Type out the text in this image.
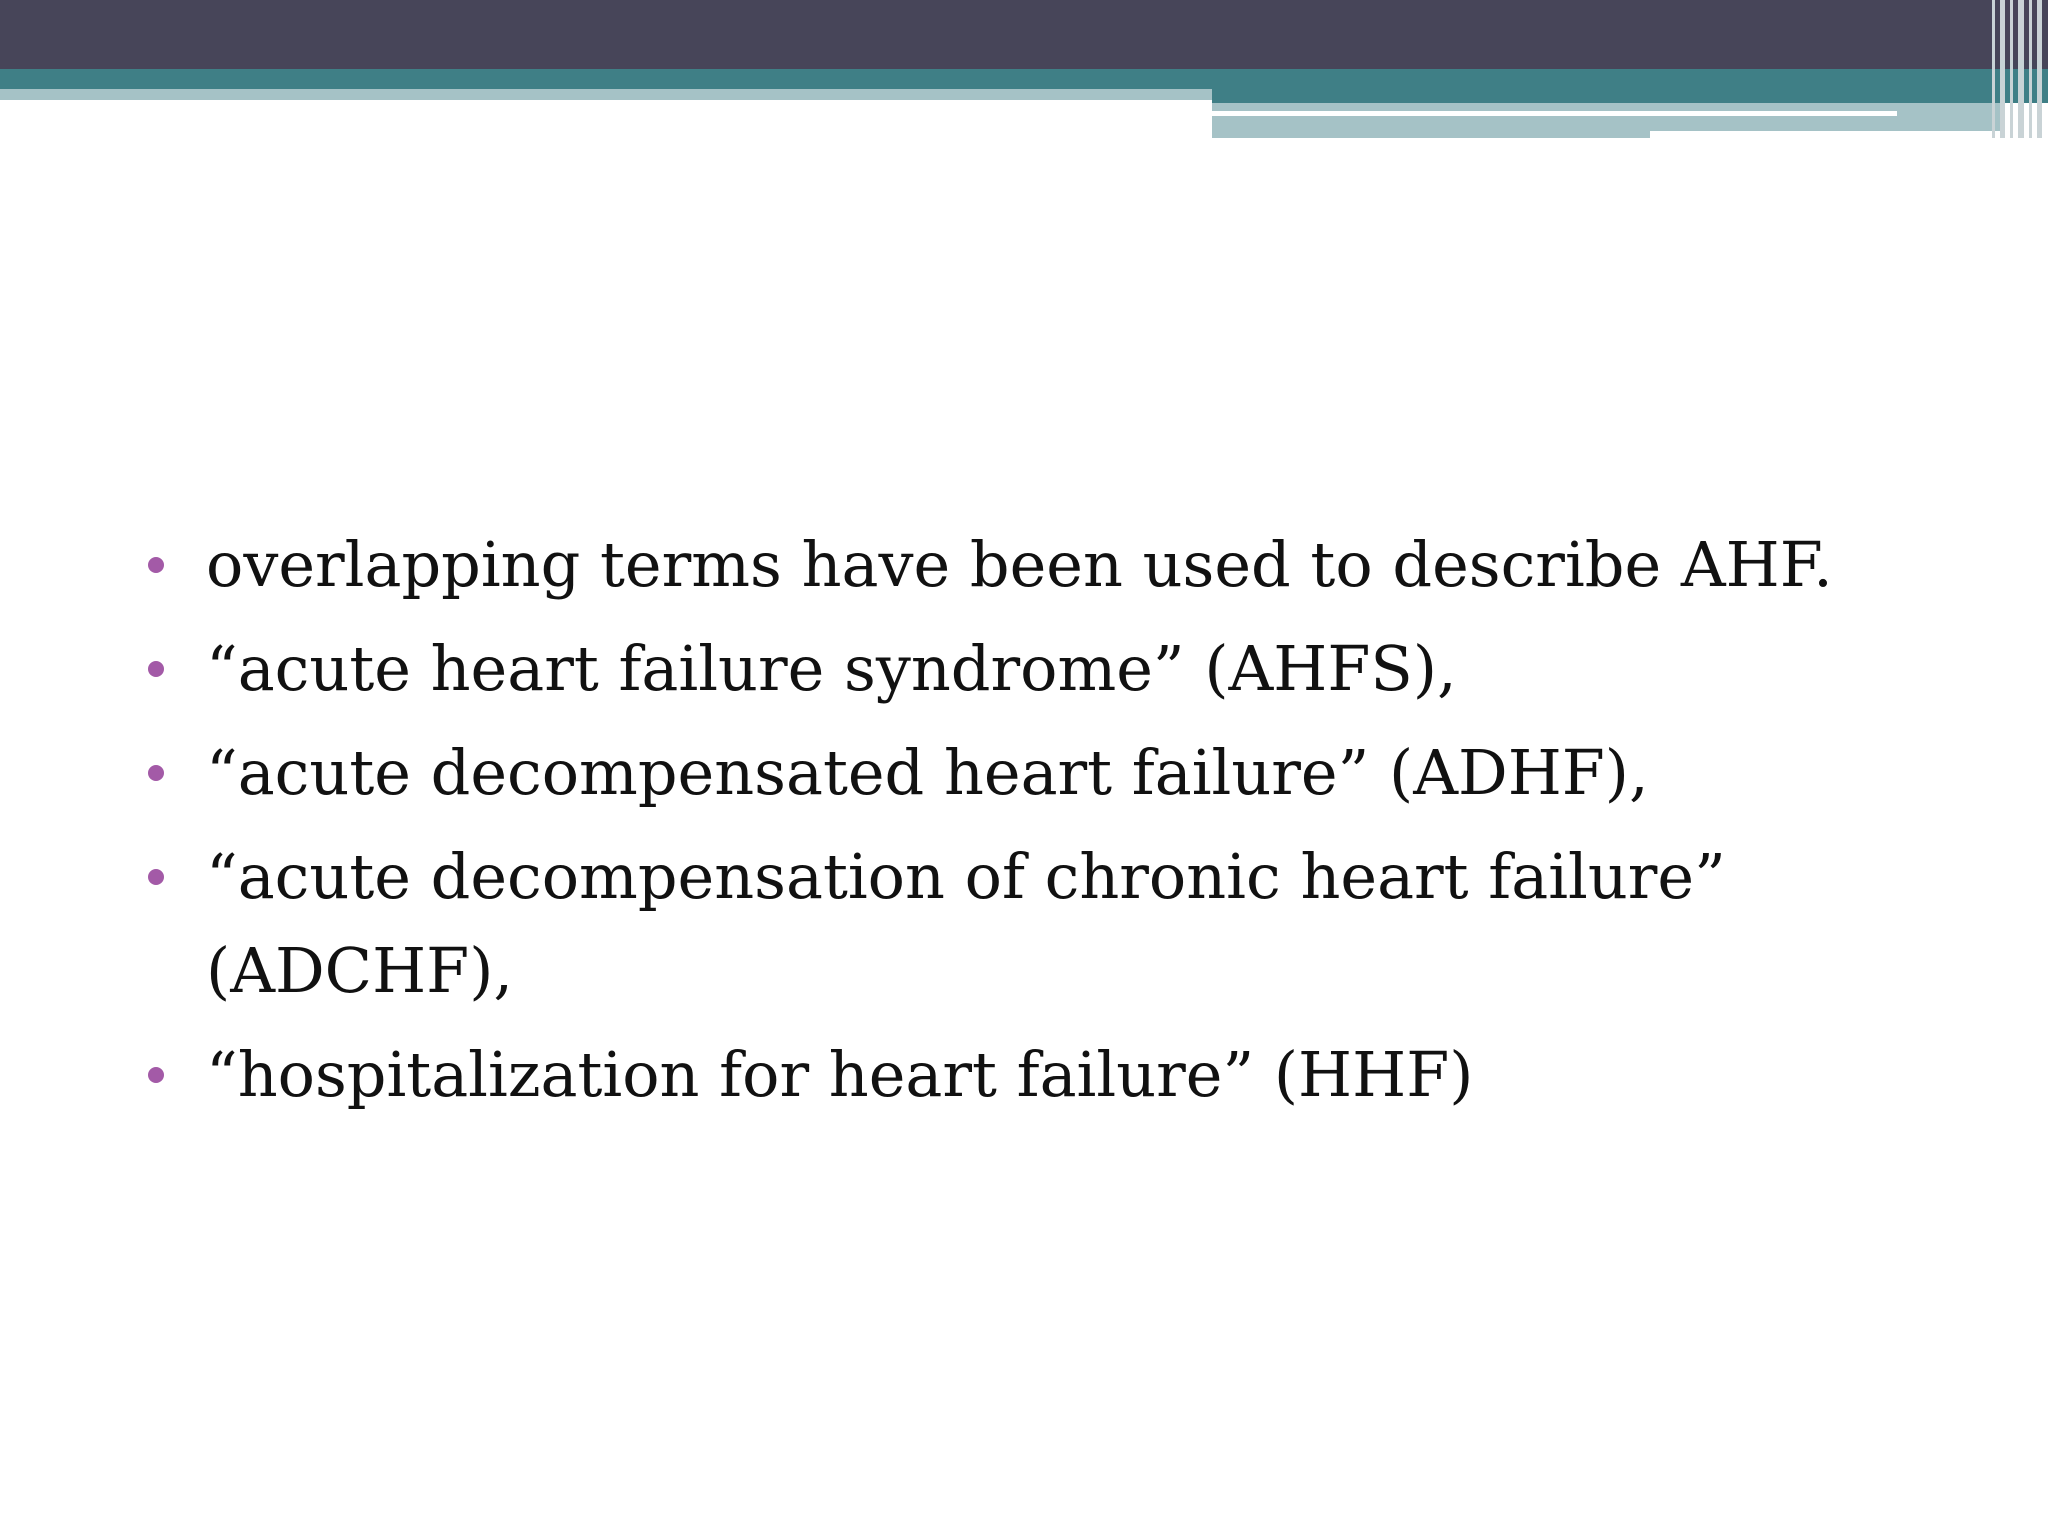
overlapping terms have been used to describe AHF.
“acute heart failure syndrome” (AHFS),
“acute decompensated heart failure” (ADHF),
“acute decompensation of chronic heart failure” (ADCHF),
“hospitalization for heart failure” (HHF)
